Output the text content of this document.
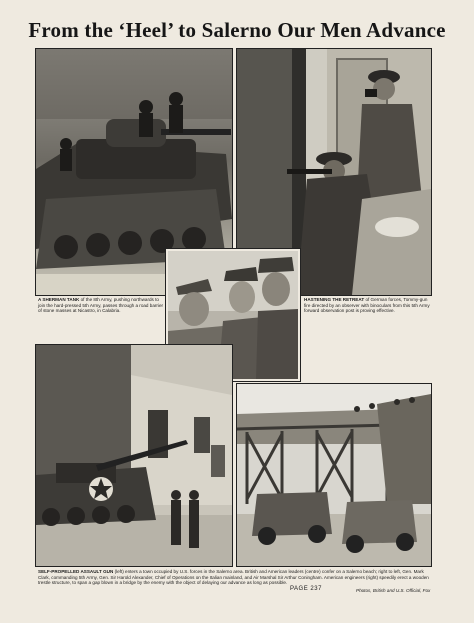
From the ‘Heel’ to Salerno Our Men Advance
A SHERMAN TANK of the 8th Army, pushing northwards to join the hard-pressed 5th Army, passes through a road barrier of stone masses at Nicastro, in Calabria.
HASTENING THE RETREAT of German forces, Tommy-gun fire directed by an observer with binoculars from this 5th Army forward observation post is proving effective.
SELF-PROPELLED ASSAULT GUN (left) enters a town occupied by U.S. forces in the Salerno area. British and American leaders (centre) confer on a Salerno beach; right to left, Gen. Mark Clark, commanding 5th Army, Gen. Sir Harold Alexander, Chief of Operations on the Italian mainland, and Air Marshal Sir Arthur Coningham. American engineers (right) speedily erect a wooden trestle structure, to span a gap blown in a bridge by the enemy with the object of delaying our advance as long as possible.
PAGE 237	Photos, British and U.S. Official, Fox
